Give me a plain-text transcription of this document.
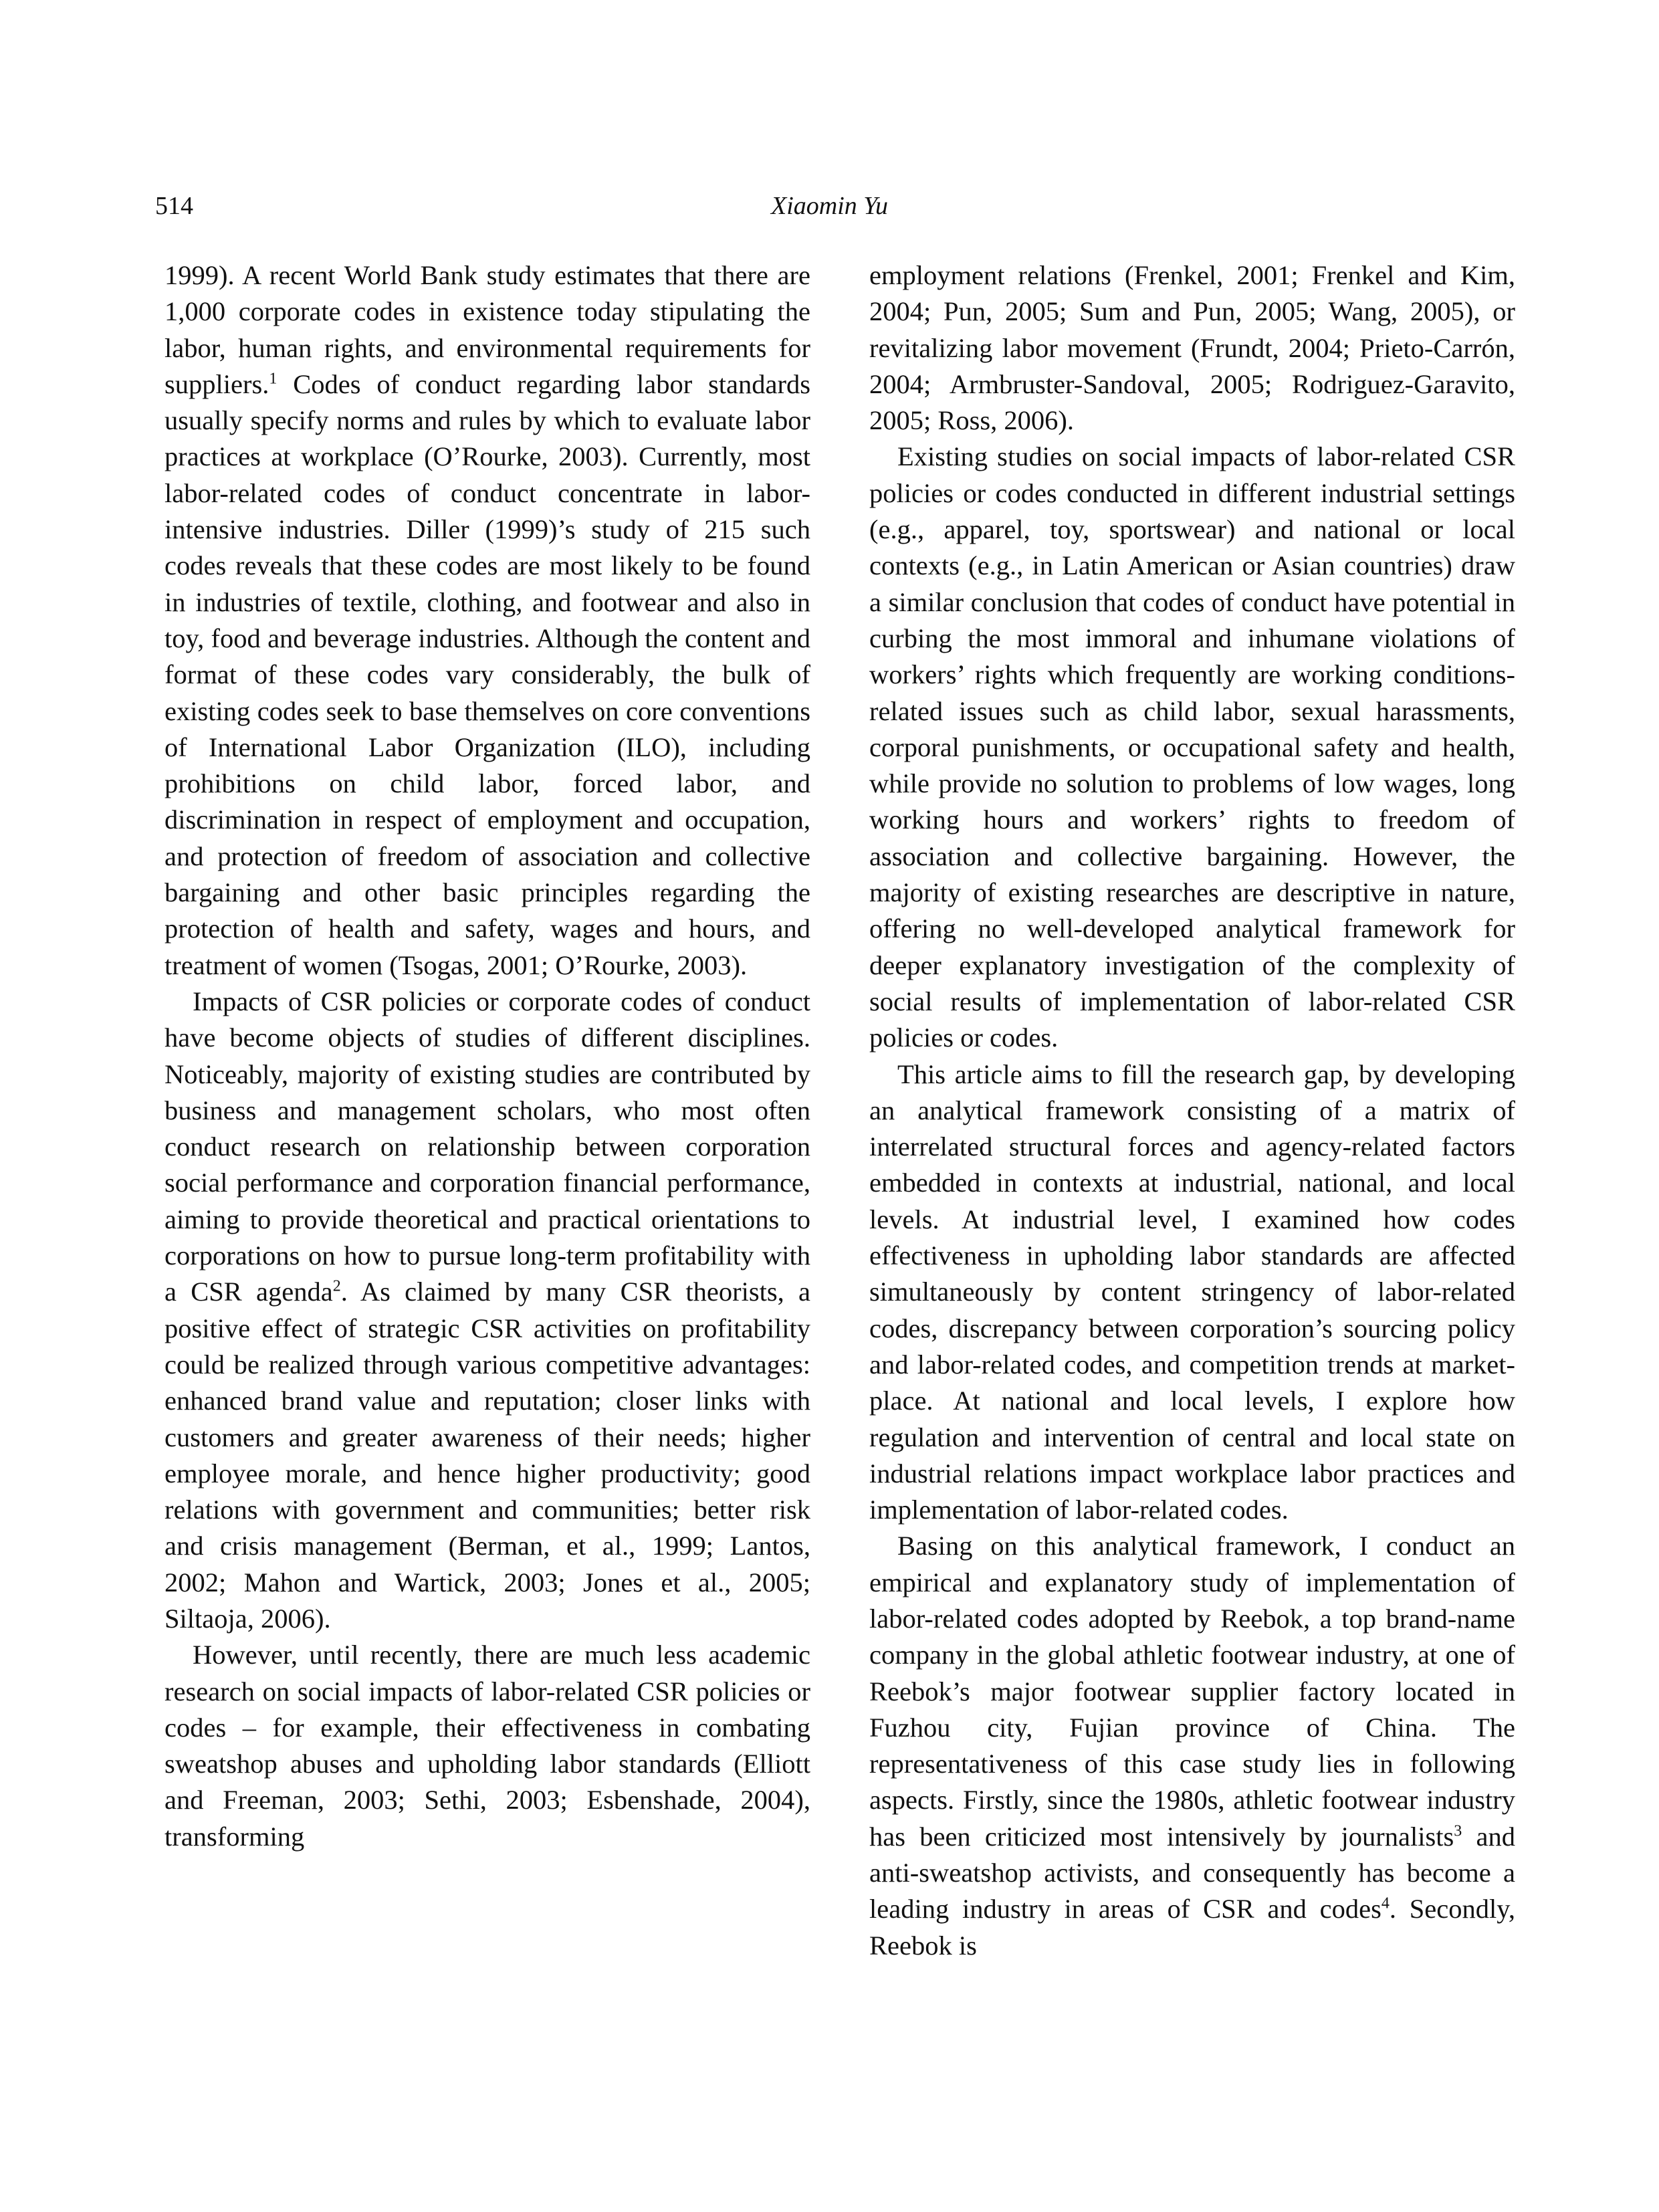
514	Xiaomin Yu

1999). A recent World Bank study estimates that there are 1,000 corporate codes in existence today stipulating the labor, human rights, and environmental requirements for suppliers.$^1$ Codes of conduct regarding labor standards usually specify norms and rules by which to evaluate labor practices at workplace (O’Rourke, 2003). Currently, most labor-related codes of conduct concentrate in labor-intensive industries. Diller (1999)’s study of 215 such codes reveals that these codes are most likely to be found in industries of textile, clothing, and footwear and also in toy, food and beverage industries. Although the content and format of these codes vary considerably, the bulk of existing codes seek to base themselves on core conventions of International Labor Organization (ILO), including prohibitions on child labor, forced labor, and discrimination in respect of employment and occupation, and protection of freedom of association and collective bargaining and other basic principles regarding the protection of health and safety, wages and hours, and treatment of women (Tsogas, 2001; O’Rourke, 2003).

Impacts of CSR policies or corporate codes of conduct have become objects of studies of different disciplines. Noticeably, majority of existing studies are contributed by business and management scholars, who most often conduct research on relationship between corporation social performance and corporation financial performance, aiming to provide theoretical and practical orientations to corporations on how to pursue long-term profitability with a CSR agenda$^2$. As claimed by many CSR theorists, a positive effect of strategic CSR activities on profitability could be realized through various competitive advantages: enhanced brand value and reputation; closer links with customers and greater awareness of their needs; higher employee morale, and hence higher productivity; good relations with government and communities; better risk and crisis management (Berman, et al., 1999; Lantos, 2002; Mahon and Wartick, 2003; Jones et al., 2005; Siltaoja, 2006).

However, until recently, there are much less academic research on social impacts of labor-related CSR policies or codes – for example, their effectiveness in combating sweatshop abuses and upholding labor standards (Elliott and Freeman, 2003; Sethi, 2003; Esbenshade, 2004), transforming

employment relations (Frenkel, 2001; Frenkel and Kim, 2004; Pun, 2005; Sum and Pun, 2005; Wang, 2005), or revitalizing labor movement (Frundt, 2004; Prieto-Carrón, 2004; Armbruster-Sandoval, 2005; Rodriguez-Garavito, 2005; Ross, 2006).

Existing studies on social impacts of labor-related CSR policies or codes conducted in different industrial settings (e.g., apparel, toy, sportswear) and national or local contexts (e.g., in Latin American or Asian countries) draw a similar conclusion that codes of conduct have potential in curbing the most immoral and inhumane violations of workers’ rights which frequently are working conditions-related issues such as child labor, sexual harassments, corporal punishments, or occupational safety and health, while provide no solution to problems of low wages, long working hours and workers’ rights to freedom of association and collective bargaining. However, the majority of existing researches are descriptive in nature, offering no well-developed analytical framework for deeper explanatory investigation of the complexity of social results of implementation of labor-related CSR policies or codes.

This article aims to fill the research gap, by developing an analytical framework consisting of a matrix of interrelated structural forces and agency-related factors embedded in contexts at industrial, national, and local levels. At industrial level, I examined how codes effectiveness in upholding labor standards are affected simultaneously by content stringency of labor-related codes, discrepancy between corporation’s sourcing policy and labor-related codes, and competition trends at market-place. At national and local levels, I explore how regulation and intervention of central and local state on industrial relations impact workplace labor practices and implementation of labor-related codes.

Basing on this analytical framework, I conduct an empirical and explanatory study of implementation of labor-related codes adopted by Reebok, a top brand-name company in the global athletic footwear industry, at one of Reebok’s major footwear supplier factory located in Fuzhou city, Fujian province of China. The representativeness of this case study lies in following aspects. Firstly, since the 1980s, athletic footwear industry has been criticized most intensively by journalists$^3$ and anti-sweatshop activists, and consequently has become a leading industry in areas of CSR and codes$^4$. Secondly, Reebok is
